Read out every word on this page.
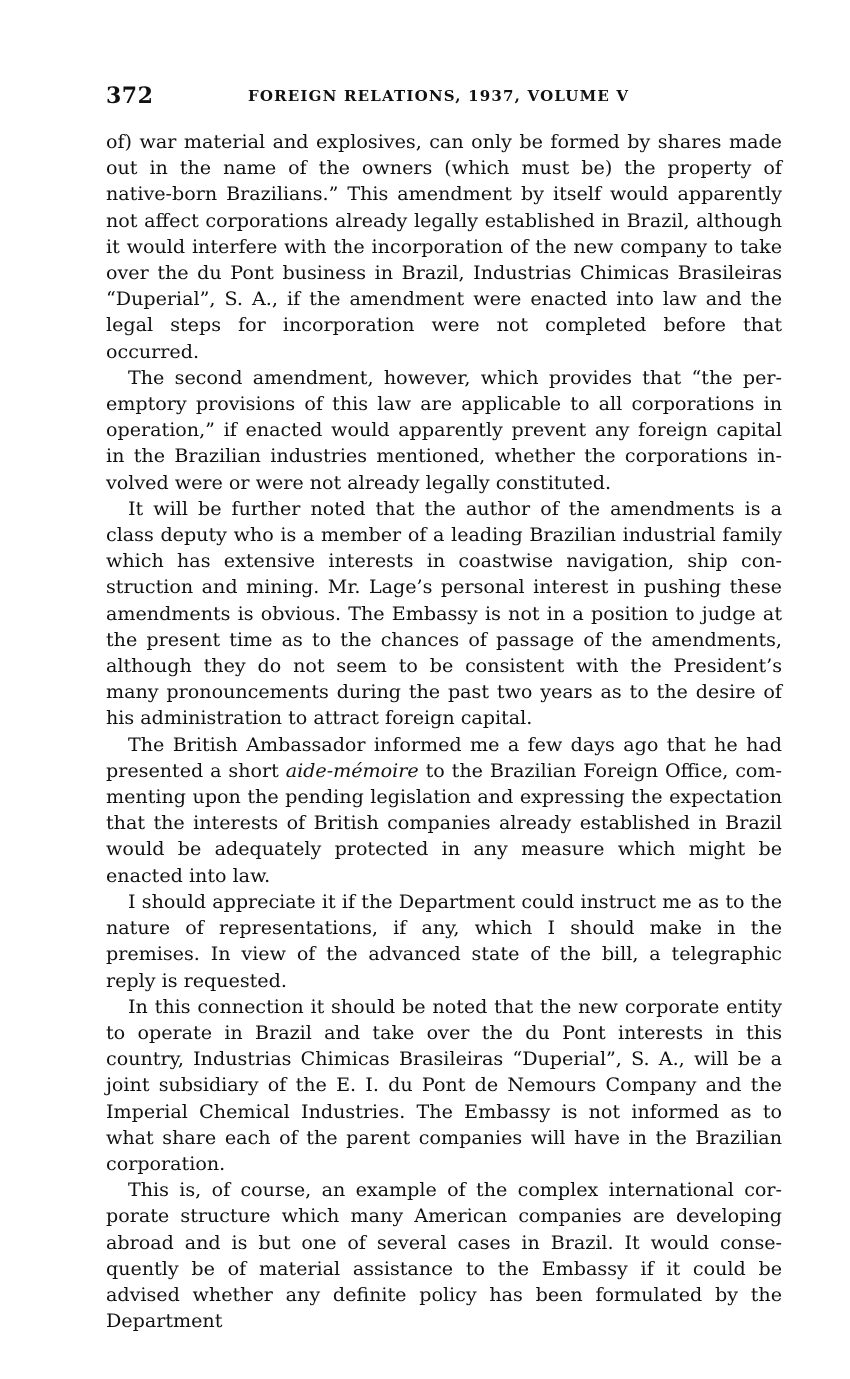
372	FOREIGN RELATIONS, 1937, VOLUME V

of) war material and explosives, can only be formed by shares made out in the name of the owners (which must be) the property of native-born Brazilians.” This amendment by itself would apparently not affect corporations already legally established in Brazil, although it would interfere with the incorporation of the new company to take over the du Pont business in Brazil, Industrias Chimicas Brasileiras “Duperial”, S. A., if the amendment were enacted into law and the legal steps for incorporation were not completed before that occurred.

The second amendment, however, which provides that “the peremptory provisions of this law are applicable to all corporations in operation,” if enacted would apparently prevent any foreign capital in the Brazilian industries mentioned, whether the corporations involved were or were not already legally constituted.

It will be further noted that the author of the amendments is a class deputy who is a member of a leading Brazilian industrial family which has extensive interests in coastwise navigation, ship construction and mining. Mr. Lage’s personal interest in pushing these amendments is obvious. The Embassy is not in a position to judge at the present time as to the chances of passage of the amendments, although they do not seem to be consistent with the President’s many pronouncements during the past two years as to the desire of his administration to attract foreign capital.

The British Ambassador informed me a few days ago that he had presented a short aide-mémoire to the Brazilian Foreign Office, commenting upon the pending legislation and expressing the expectation that the interests of British companies already established in Brazil would be adequately protected in any measure which might be enacted into law.

I should appreciate it if the Department could instruct me as to the nature of representations, if any, which I should make in the premises. In view of the advanced state of the bill, a telegraphic reply is requested.

In this connection it should be noted that the new corporate entity to operate in Brazil and take over the du Pont interests in this country, Industrias Chimicas Brasileiras “Duperial”, S. A., will be a joint subsidiary of the E. I. du Pont de Nemours Company and the Imperial Chemical Industries. The Embassy is not informed as to what share each of the parent companies will have in the Brazilian corporation.

This is, of course, an example of the complex international corporate structure which many American companies are developing abroad and is but one of several cases in Brazil. It would consequently be of material assistance to the Embassy if it could be advised whether any definite policy has been formulated by the Department
